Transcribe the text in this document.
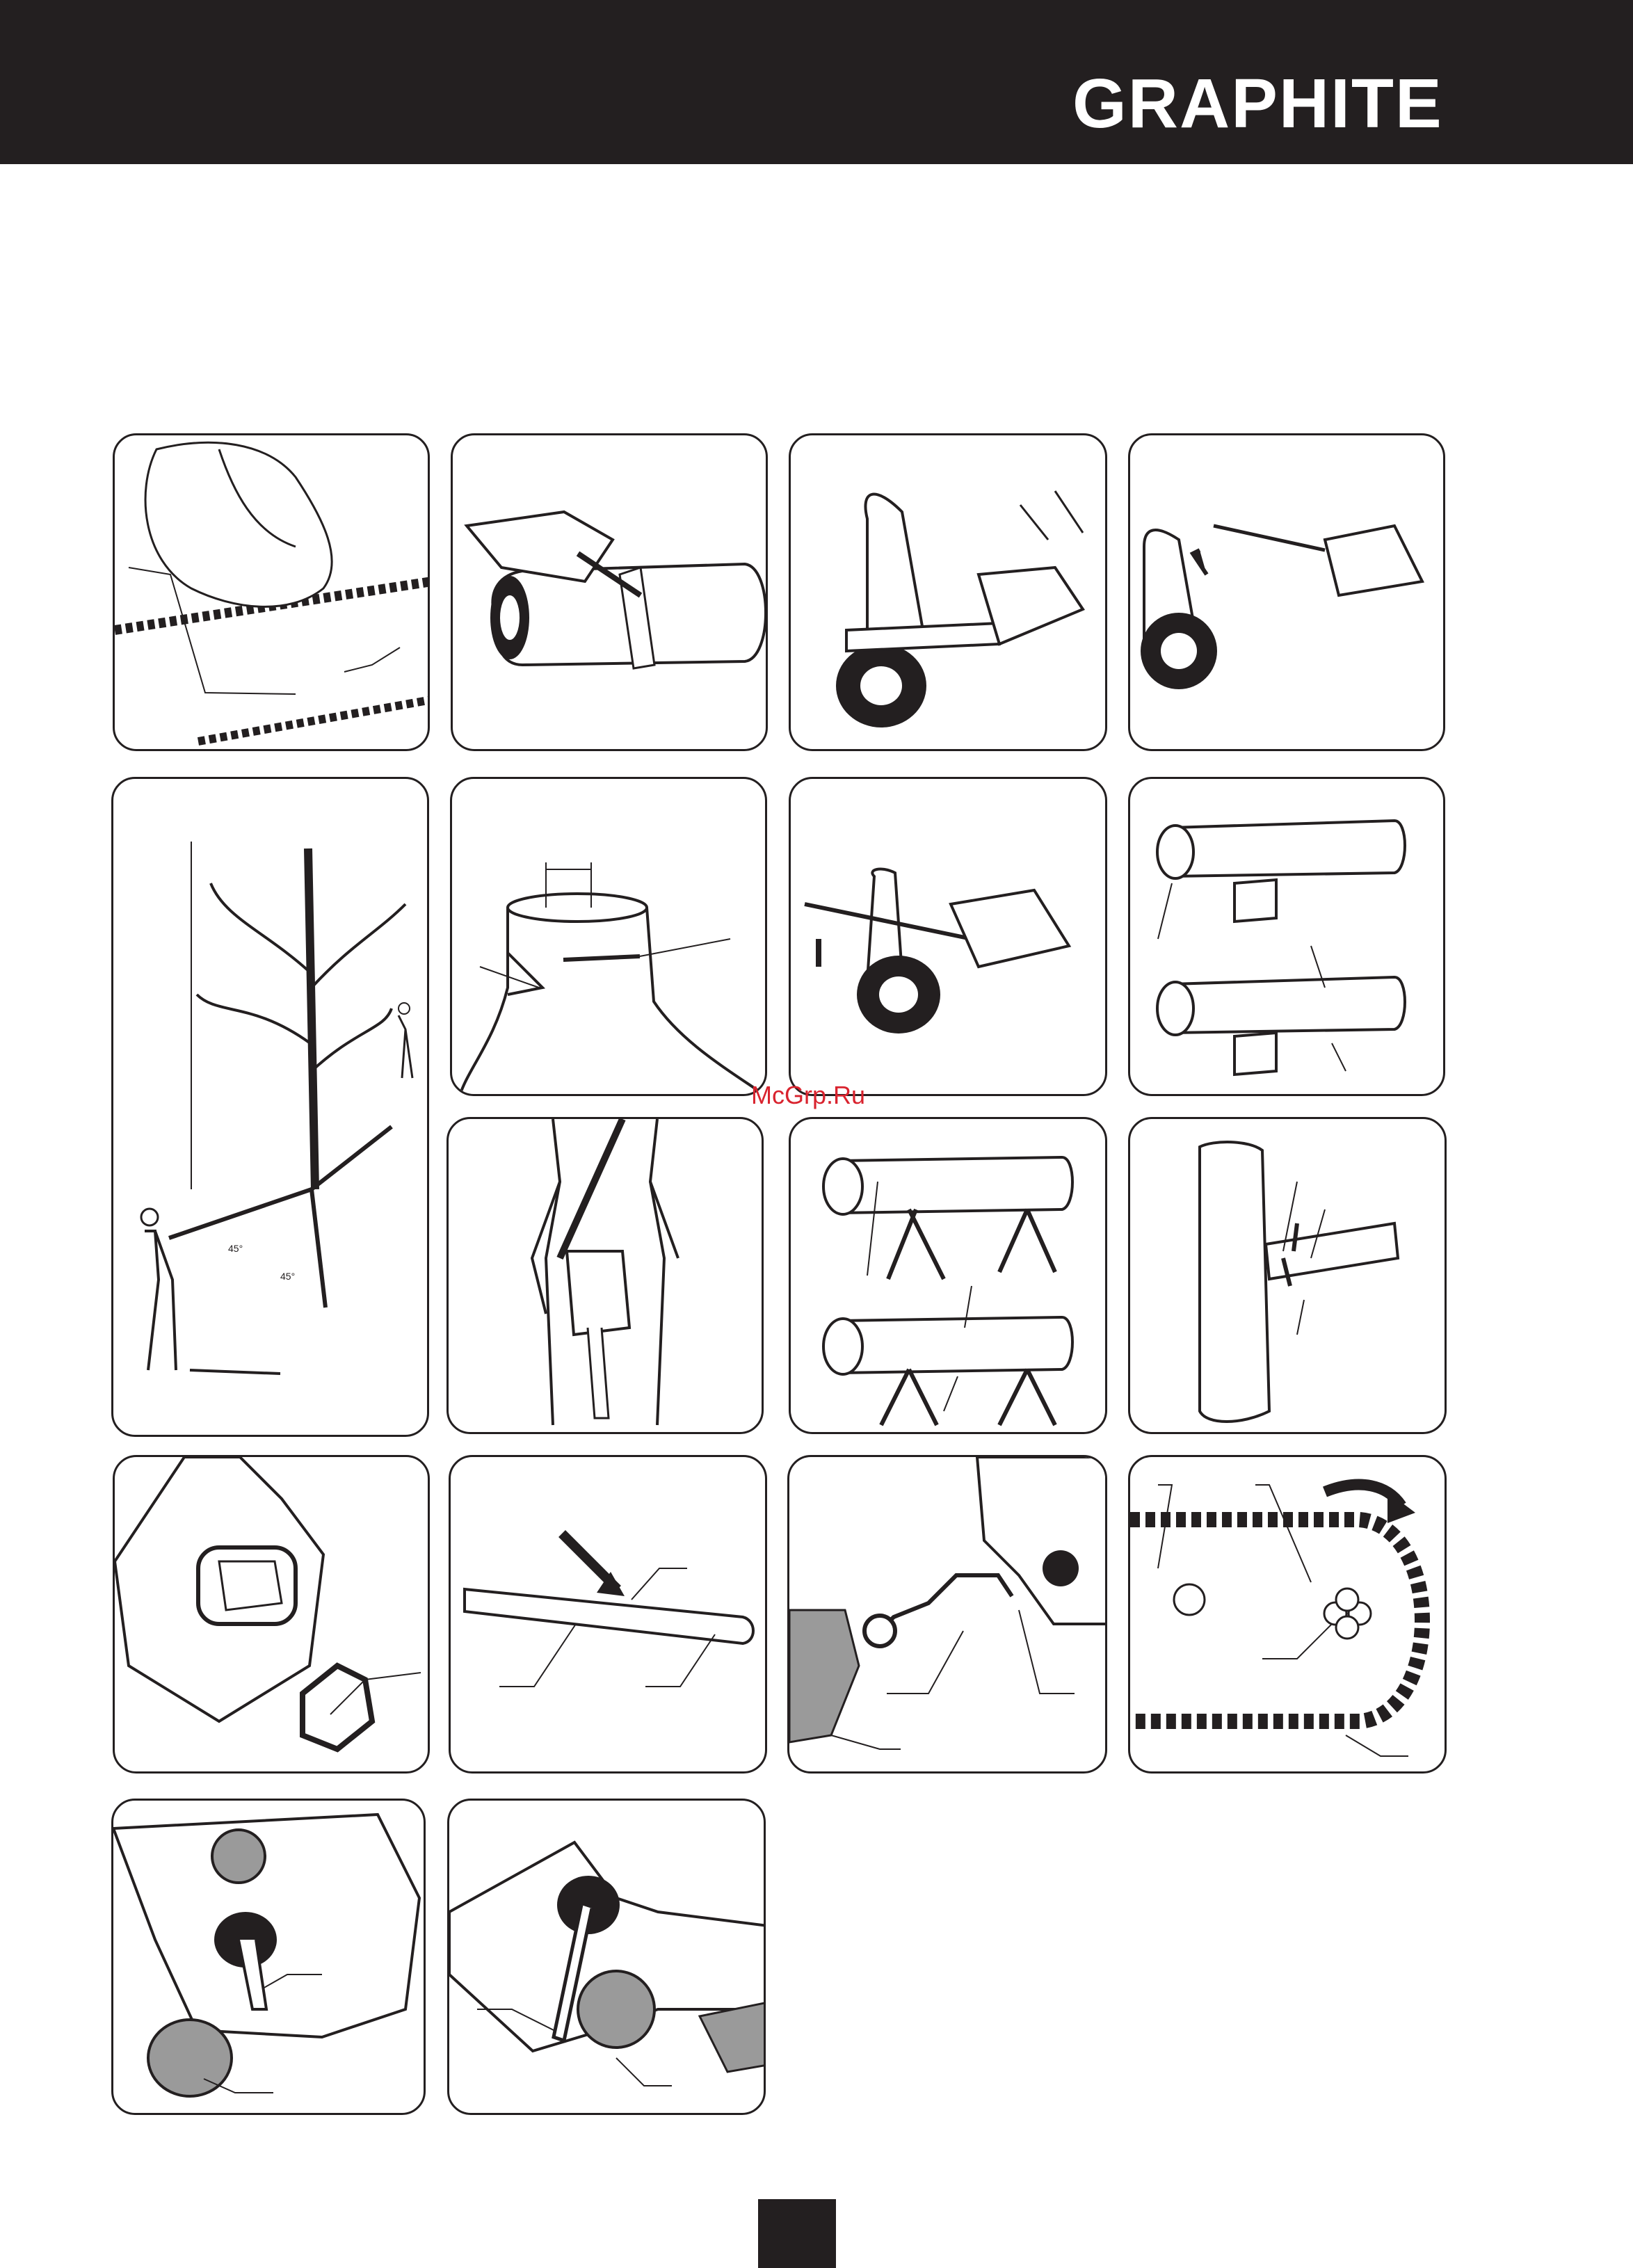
GRAPHITE
45°
45°
McGrp.Ru
